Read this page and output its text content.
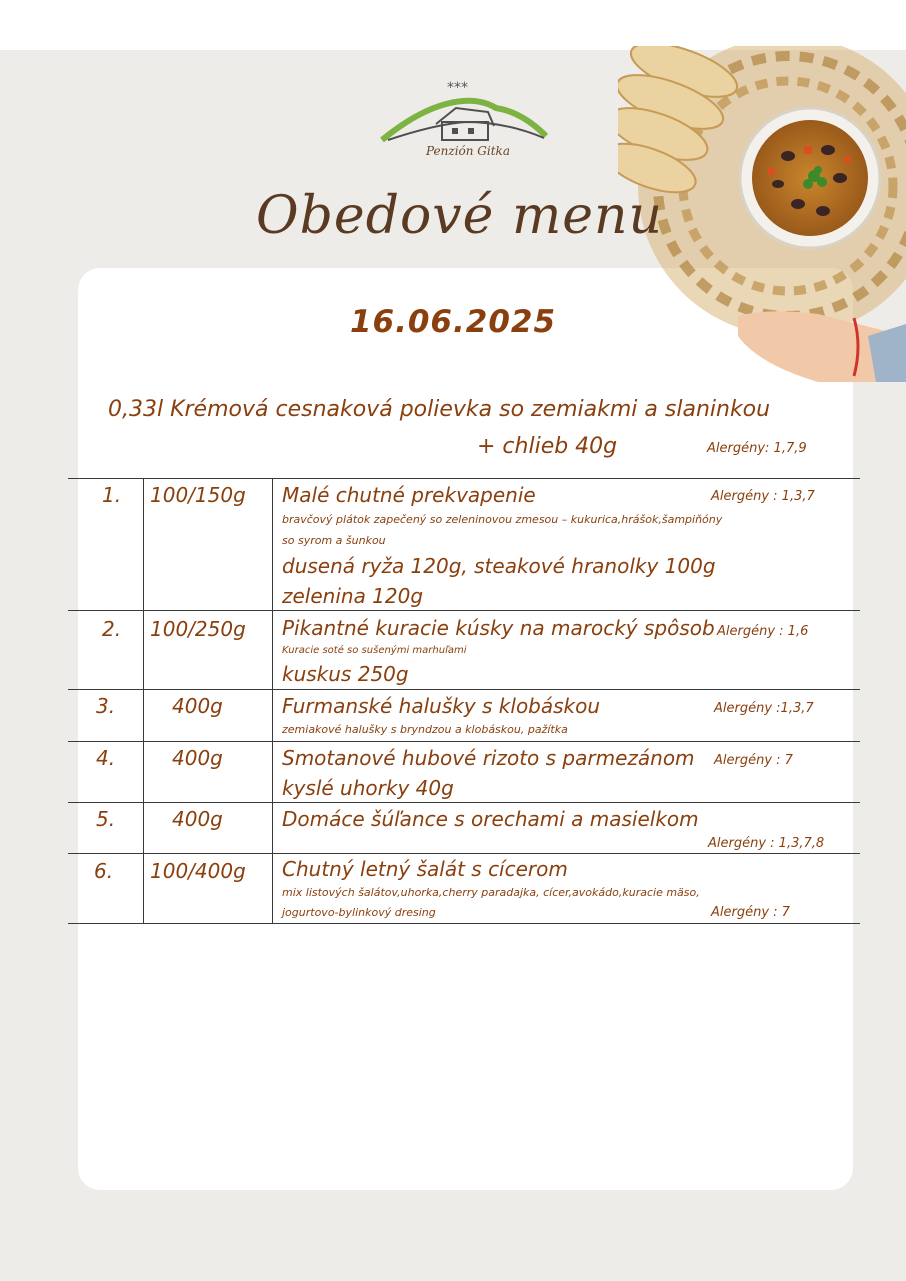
***
Penzión Gitka
Obedové menu
16.06.2025
0,33l Krémová cesnaková polievka so zemiakmi a slaninkou
+ chlieb 40g	Alergény: 1,7,9
1. 100/150g Malé chutné prekvapenie	Alergény : 1,3,7
bravčový plátok zapečený so zeleninovou zmesou – kukurica,hrášok,šampiňóny
so syrom a šunkou
dusená ryža 120g, steakové hranolky 100g
zelenina 120g
2. 100/250g Pikantné kuracie kúsky na marocký spôsob Alergény : 1,6
Kuracie soté so sušenými marhuľami
kuskus 250g
3.	400g	Furmanské halušky s klobáskou	Alergény :1,3,7
zemiakové halušky s bryndzou a klobáskou, pažítka
4.	400g	Smotanové hubové rizoto s parmezánom Alergény : 7
kyslé uhorky 40g
5.	400g	Domáce šúľance s orechami a masielkom
Alergény : 1,3,7,8
6. 100/400g Chutný letný šalát s cícerom
mix listových šalátov,uhorka,cherry paradajka, cícer,avokádo,kuracie mäso,
jogurtovo-bylinkový dresing	Alergény : 7
